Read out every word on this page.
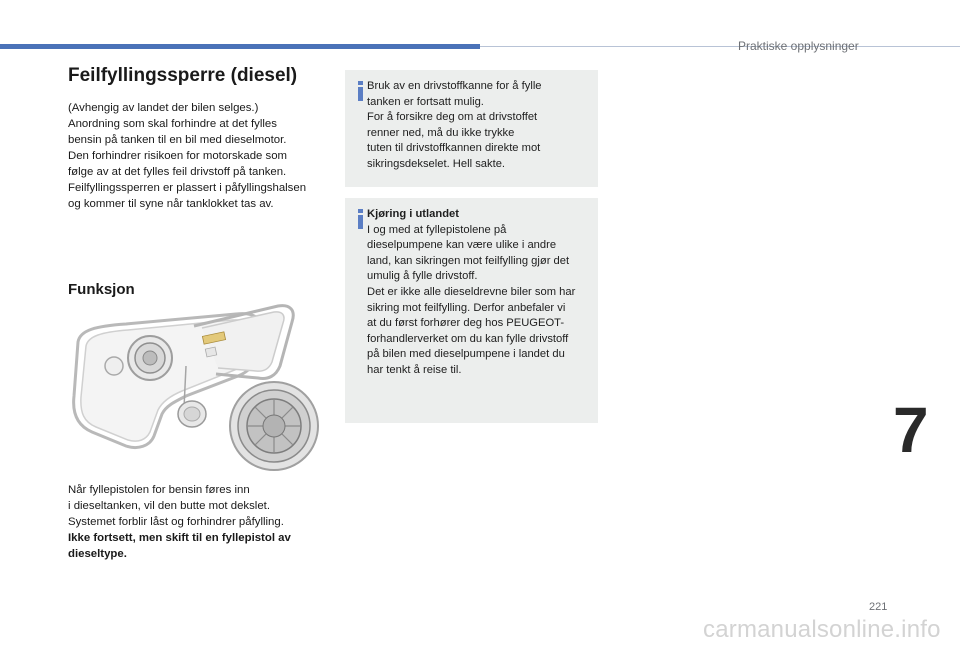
Praktiske opplysninger
Feilfyllingssperre (diesel)
(Avhengig av landet der bilen selges.)
Anordning som skal forhindre at det fylles
bensin på tanken til en bil med dieselmotor.
Den forhindrer risikoen for motorskade som
følge av at det fylles feil drivstoff på tanken.
Feilfyllingssperren er plassert i påfyllingshalsen
og kommer til syne når tanklokket tas av.
Funksjon
Når fyllepistolen for bensin føres inn
i dieseltanken, vil den butte mot dekslet.
Systemet forblir låst og forhindrer påfylling.
Ikke fortsett, men skift til en fyllepistol av
dieseltype.
Bruk av en drivstoffkanne for å fylle
tanken er fortsatt mulig.
For å forsikre deg om at drivstoffet
renner ned, må du ikke trykke
tuten til drivstoffkannen direkte mot
sikringsdekselet. Hell sakte.
Kjøring i utlandet
I og med at fyllepistolene på
dieselpumpene kan være ulike i andre
land, kan sikringen mot feilfylling gjør det
umulig å fylle drivstoff.
Det er ikke alle dieseldrevne biler som har
sikring mot feilfylling. Derfor anbefaler vi
at du først forhører deg hos PEUGEOT-
forhandlerverket om du kan fylle drivstoff
på bilen med dieselpumpene i landet du
har tenkt å reise til.
7
221
carmanualsonline.info
